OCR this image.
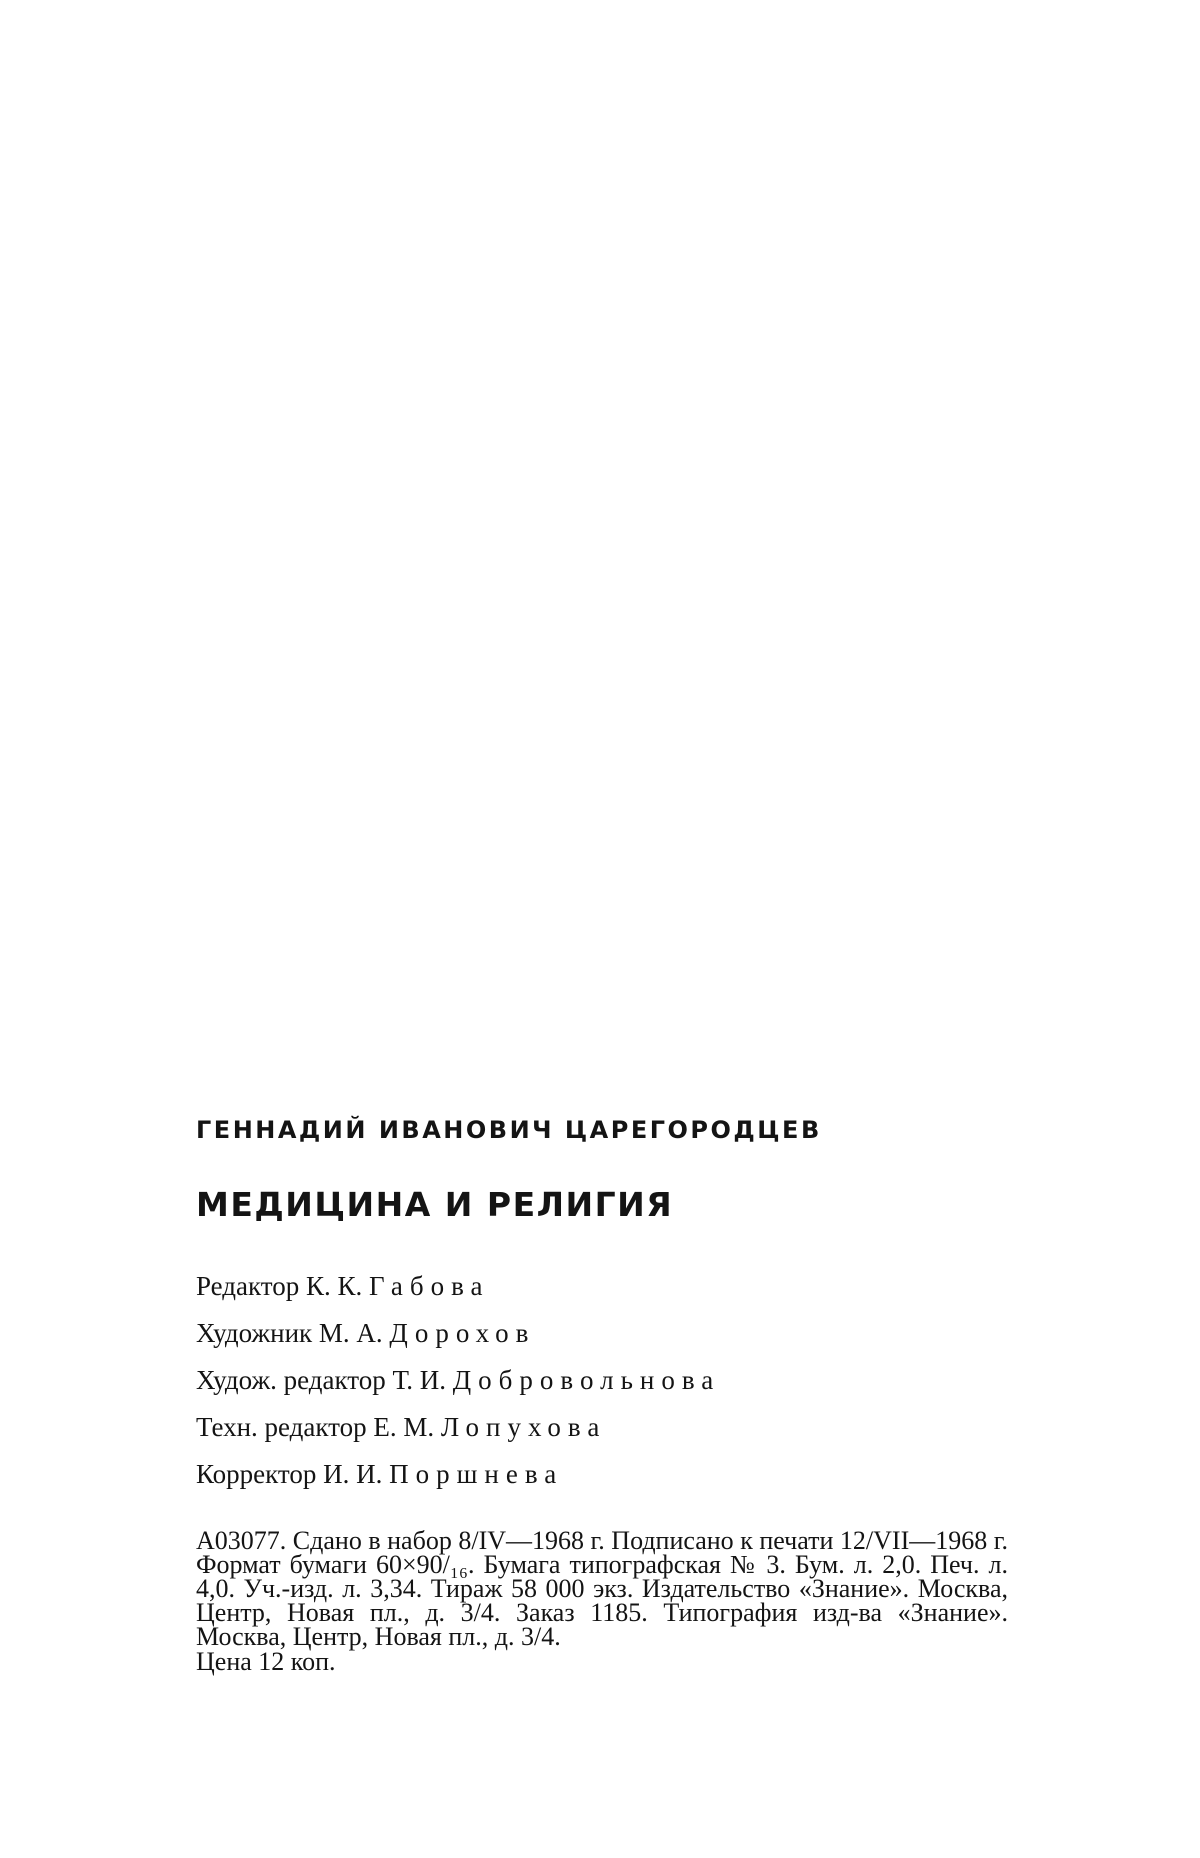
ГЕННАДИЙ ИВАНОВИЧ ЦАРЕГОРОДЦЕВ

МЕДИЦИНА И РЕЛИГИЯ

Редактор К. К. Габова
Художник М. А. Дорохов
Худож. редактор Т. И. Добровольнова
Техн. редактор Е. М. Лопухова
Корректор И. И. Поршнева

А03077. Сдано в набор 8/IV—1968 г. Подписано к печати 12/VII—1968 г. Формат бумаги 60×90/₁₆. Бумага типографская № 3. Бум. л. 2,0. Печ. л. 4,0. Уч.-изд. л. 3,34. Тираж 58 000 экз. Издательство «Знание». Москва, Центр, Новая пл., д. 3/4. Заказ 1185. Типография изд-ва «Знание». Москва, Центр, Новая пл., д. 3/4.

Цена 12 коп.
